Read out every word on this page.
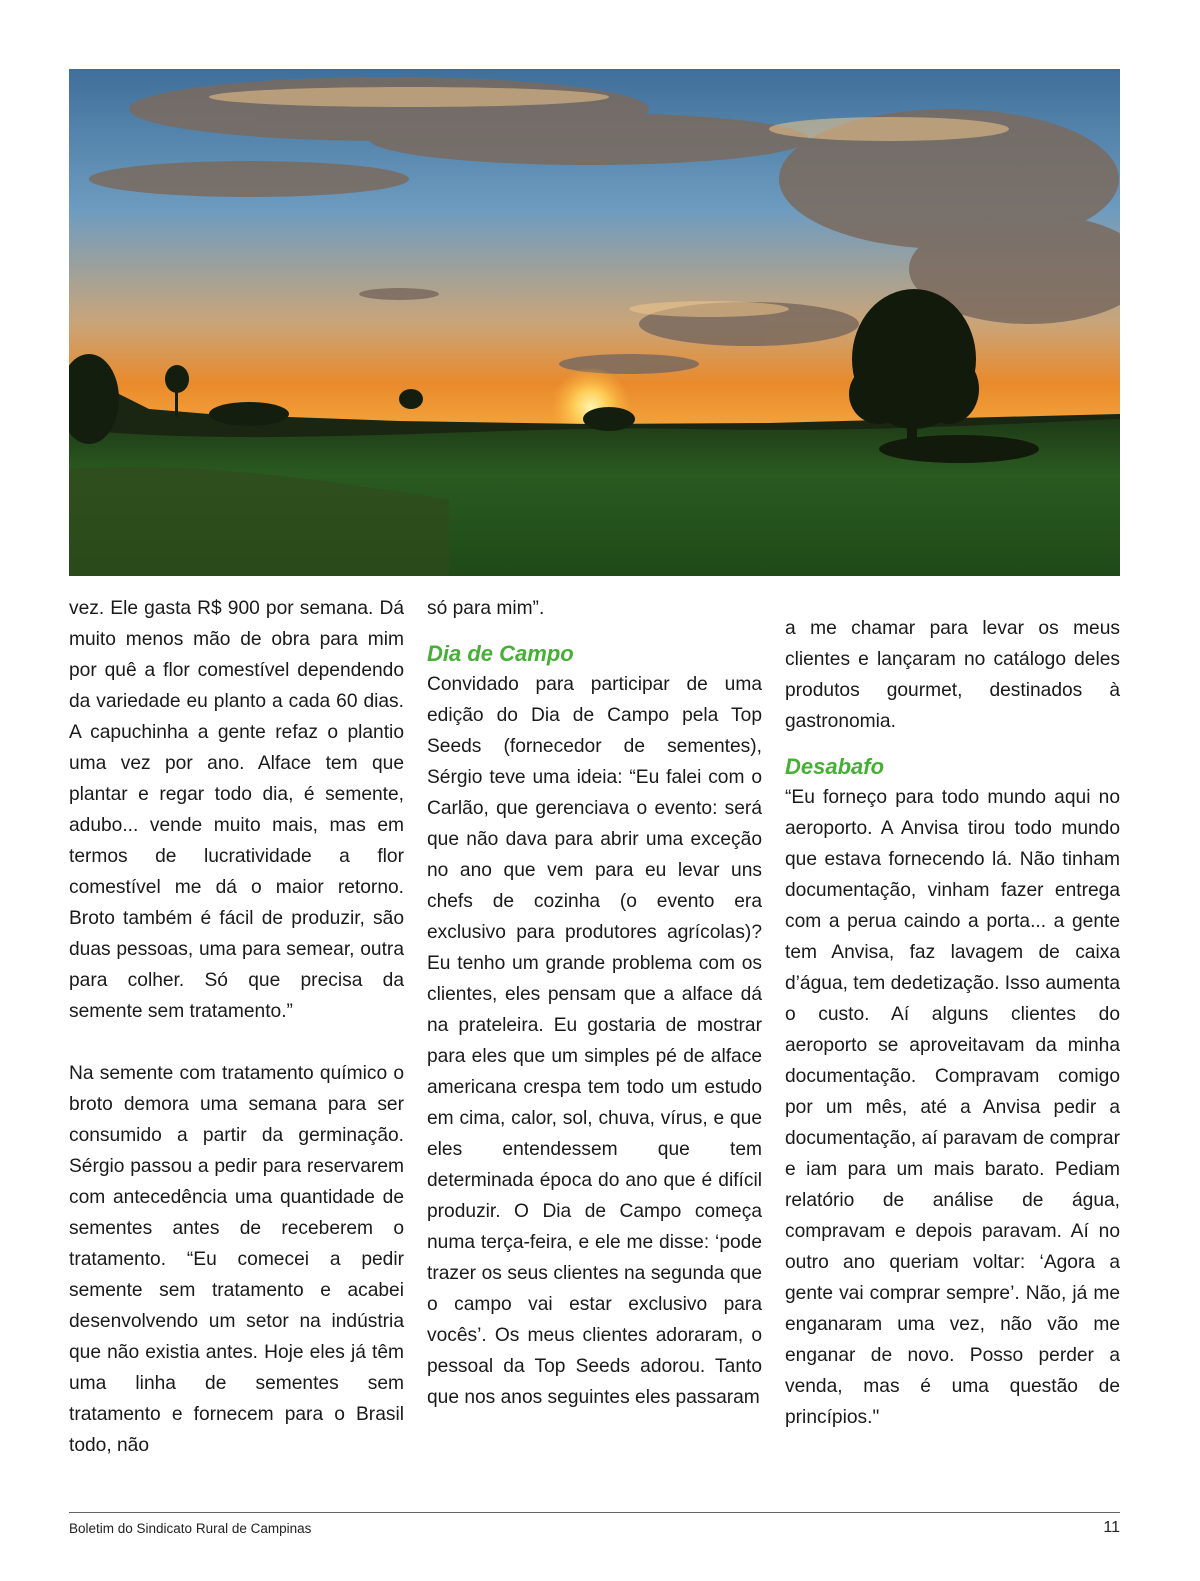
vez. Ele gasta R$ 900 por semana. Dá muito menos mão de obra para mim por quê a flor comestível dependendo da variedade eu planto a cada 60 dias. A capuchinha a gente refaz o plantio uma vez por ano. Alface tem que plantar e regar todo dia, é semente, adubo... vende muito mais, mas em termos de lucratividade a flor comestível me dá o maior retorno. Broto também é fácil de produzir, são duas pessoas, uma para semear, outra para colher. Só que precisa da semente sem tratamento.”

Na semente com tratamento químico o broto demora uma semana para ser consumido a partir da germinação. Sérgio passou a pedir para reservarem com antecedência uma quantidade de sementes antes de receberem o tratamento. “Eu comecei a pedir semente sem tratamento e acabei desenvolvendo um setor na indústria que não existia antes. Hoje eles já têm uma linha de sementes sem tratamento e fornecem para o Brasil todo, não

só para mim”.

Dia de Campo

Convidado para participar de uma edição do Dia de Campo pela Top Seeds (fornecedor de sementes), Sérgio teve uma ideia: “Eu falei com o Carlão, que gerenciava o evento: será que não dava para abrir uma exceção no ano que vem para eu levar uns chefs de cozinha (o evento era exclusivo para produtores agrícolas)? Eu tenho um grande problema com os clientes, eles pensam que a alface dá na prateleira. Eu gostaria de mostrar para eles que um simples pé de alface americana crespa tem todo um estudo em cima, calor, sol, chuva, vírus, e que eles entendessem que tem determinada época do ano que é difícil produzir. O Dia de Campo começa numa terça-feira, e ele me disse: ‘pode trazer os seus clientes na segunda que o campo vai estar exclusivo para vocês’. Os meus clientes adoraram, o pessoal da Top Seeds adorou. Tanto que nos anos seguintes eles passaram

a me chamar para levar os meus clientes e lançaram no catálogo deles produtos gourmet, destinados à gastronomia.

Desabafo

“Eu forneço para todo mundo aqui no aeroporto. A Anvisa tirou todo mundo que estava fornecendo lá. Não tinham documentação, vinham fazer entrega com a perua caindo a porta... a gente tem Anvisa, faz lavagem de caixa d’água, tem dedetização. Isso aumenta o custo. Aí alguns clientes do aeroporto se aproveitavam da minha documentação. Compravam comigo por um mês, até a Anvisa pedir a documentação, aí paravam de comprar e iam para um mais barato. Pediam relatório de análise de água, compravam e depois paravam. Aí no outro ano queriam voltar: ‘Agora a gente vai comprar sempre’. Não, já me enganaram uma vez, não vão me enganar de novo. Posso perder a venda, mas é uma questão de princípios."

Boletim do Sindicato Rural de Campinas	11
